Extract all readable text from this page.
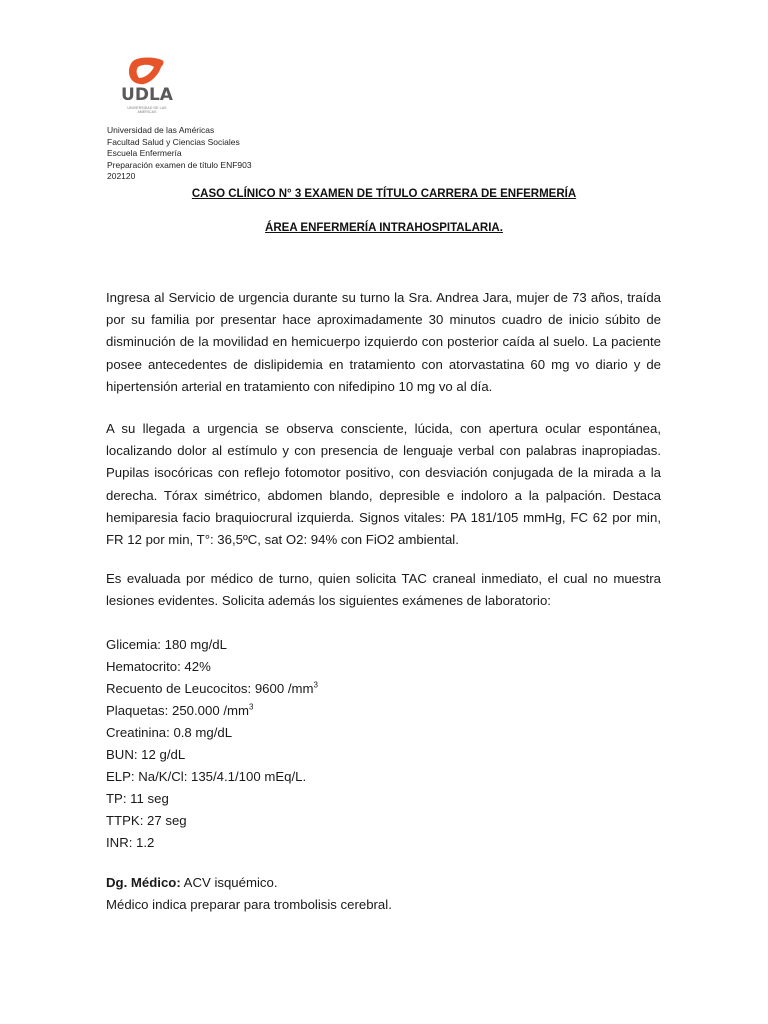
UDLA
UNIVERSIDAD DE LAS AMÉRICAS
Universidad de las Américas
Facultad Salud y Ciencias Sociales
Escuela Enfermería
Preparación examen de título ENF903
202120
CASO CLÍNICO N° 3 EXAMEN DE TÍTULO CARRERA DE ENFERMERÍA
ÁREA ENFERMERÍA INTRAHOSPITALARIA.
Ingresa al Servicio de urgencia durante su turno la Sra. Andrea Jara, mujer de 73 años, traída por su familia por presentar hace aproximadamente 30 minutos cuadro de inicio súbito de disminución de la movilidad en hemicuerpo izquierdo con posterior caída al suelo. La paciente posee antecedentes de dislipidemia en tratamiento con atorvastatina 60 mg vo diario y de hipertensión arterial en tratamiento con nifedipino 10 mg vo al día.
A su llegada a urgencia se observa consciente, lúcida, con apertura ocular espontánea, localizando dolor al estímulo y con presencia de lenguaje verbal con palabras inapropiadas. Pupilas isocóricas con reflejo fotomotor positivo, con desviación conjugada de la mirada a la derecha. Tórax simétrico, abdomen blando, depresible e indoloro a la palpación. Destaca hemiparesia facio braquiocrural izquierda. Signos vitales: PA 181/105 mmHg, FC 62 por min, FR 12 por min, T°: 36,5ºC, sat O2: 94% con FiO2 ambiental.
Es evaluada por médico de turno, quien solicita TAC craneal inmediato, el cual no muestra lesiones evidentes. Solicita además los siguientes exámenes de laboratorio:
Glicemia: 180 mg/dL
Hematocrito: 42%
Recuento de Leucocitos: 9600 $/mm^3$
Plaquetas: 250.000 $/mm^3$
Creatinina: 0.8 mg/dL
BUN: 12 g/dL
ELP: Na/K/Cl: 135/4.1/100 mEq/L.
TP: 11 seg
TTPK: 27 seg
INR: 1.2
Dg. Médico: ACV isquémico.
Médico indica preparar para trombolisis cerebral.
